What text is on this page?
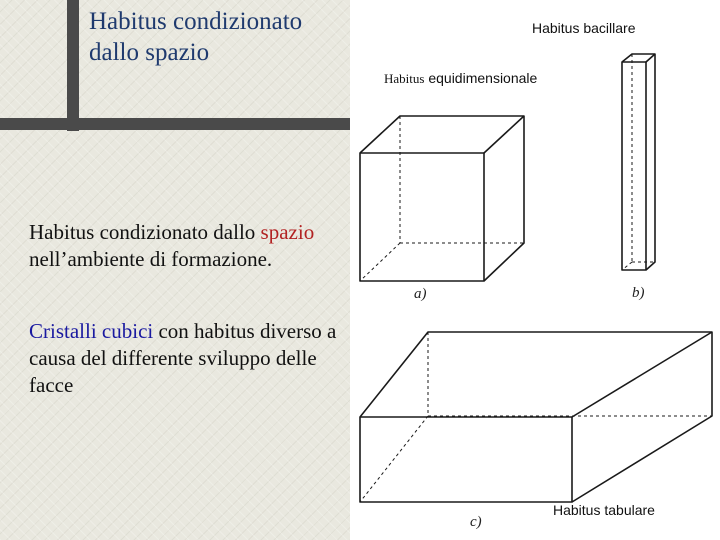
Habitus condizionato dallo spazio
Habitus condizionato dallo spazio nell’ambiente di formazione.
Cristalli cubici con habitus diverso a causa del differente sviluppo delle facce
Habitus bacillare
Habitus equidimensionale
Habitus tabulare
a)	b)
c)
